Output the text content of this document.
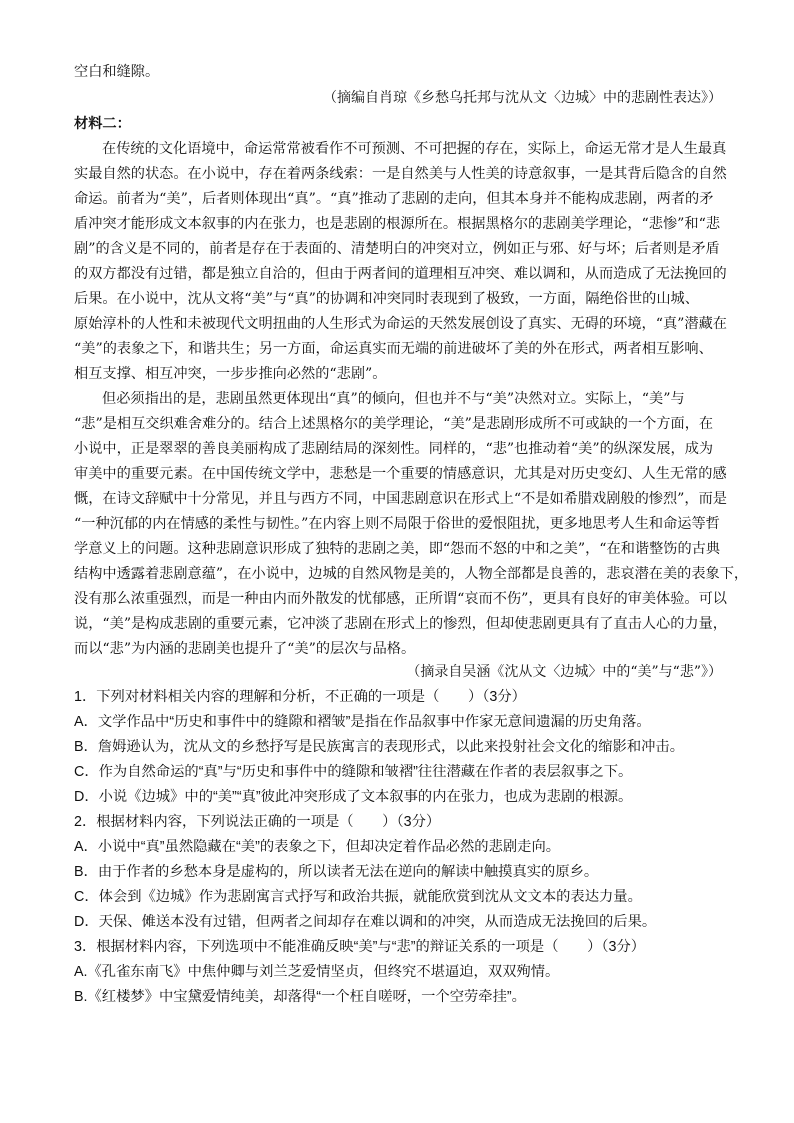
空白和缝隙。
（摘编自肖琼《乡愁乌托邦与沈从文〈边城〉中的悲剧性表达》）
材料二：
在传统的文化语境中，命运常常被看作不可预测、不可把握的存在，实际上，命运无常才是人生最真
实最自然的状态。在小说中，存在着两条线索：一是自然美与人性美的诗意叙事，一是其背后隐含的自然
命运。前者为“美”，后者则体现出“真”。“真”推动了悲剧的走向，但其本身并不能构成悲剧，两者的矛
盾冲突才能形成文本叙事的内在张力，也是悲剧的根源所在。根据黑格尔的悲剧美学理论，“悲惨”和“悲
剧”的含义是不同的，前者是存在于表面的、清楚明白的冲突对立，例如正与邪、好与坏；后者则是矛盾
的双方都没有过错，都是独立自洽的，但由于两者间的道理相互冲突、难以调和，从而造成了无法挽回的
后果。在小说中，沈从文将“美”与“真”的协调和冲突同时表现到了极致，一方面，隔绝俗世的山城、
原始淳朴的人性和未被现代文明扭曲的人生形式为命运的天然发展创设了真实、无碍的环境，“真”潜藏在
“美”的表象之下，和谐共生；另一方面，命运真实而无端的前进破坏了美的外在形式，两者相互影响、
相互支撑、相互冲突，一步步推向必然的“悲剧”。
但必须指出的是，悲剧虽然更体现出“真”的倾向，但也并不与“美”决然对立。实际上，“美”与
“悲”是相互交织难舍难分的。结合上述黑格尔的美学理论，“美”是悲剧形成所不可或缺的一个方面，在
小说中，正是翠翠的善良美丽构成了悲剧结局的深刻性。同样的，“悲”也推动着“美”的纵深发展，成为
审美中的重要元素。在中国传统文学中，悲愁是一个重要的情感意识，尤其是对历史变幻、人生无常的感
慨，在诗文辞赋中十分常见，并且与西方不同，中国悲剧意识在形式上“不是如希腊戏剧般的惨烈”，而是
“一种沉郁的内在情感的柔性与韧性。”在内容上则不局限于俗世的爱恨阻扰，更多地思考人生和命运等哲
学意义上的问题。这种悲剧意识形成了独特的悲剧之美，即“怨而不怒的中和之美”，“在和谐整饬的古典
结构中透露着悲剧意蕴”，在小说中，边城的自然风物是美的，人物全部都是良善的，悲哀潜在美的表象下，
没有那么浓重强烈，而是一种由内而外散发的忧郁感，正所谓“哀而不伤”，更具有良好的审美体验。可以
说，“美”是构成悲剧的重要元素，它冲淡了悲剧在形式上的惨烈，但却使悲剧更具有了直击人心的力量，
而以“悲”为内涵的悲剧美也提升了“美”的层次与品格。
（摘录自吴涵《沈从文〈边城〉中的“美”与“悲”》）
1．下列对材料相关内容的理解和分析，不正确的一项是（　　）（3分）
A．文学作品中“历史和事件中的缝隙和褶皱”是指在作品叙事中作家无意间遗漏的历史角落。
B．詹姆逊认为，沈从文的乡愁抒写是民族寓言的表现形式，以此来投射社会文化的缩影和冲击。
C．作为自然命运的“真”与“历史和事件中的缝隙和皱褶”往往潜藏在作者的表层叙事之下。
D．小说《边城》中的“美”“真”彼此冲突形成了文本叙事的内在张力，也成为悲剧的根源。
2．根据材料内容，下列说法正确的一项是（　　）（3分）
A．小说中“真”虽然隐藏在“美”的表象之下，但却决定着作品必然的悲剧走向。
B．由于作者的乡愁本身是虚构的，所以读者无法在逆向的解读中触摸真实的原乡。
C．体会到《边城》作为悲剧寓言式抒写和政治共振，就能欣赏到沈从文文本的表达力量。
D．天保、傩送本没有过错，但两者之间却存在难以调和的冲突，从而造成无法挽回的后果。
3．根据材料内容，下列选项中不能准确反映“美”与“悲”的辩证关系的一项是（　　）（3分）
A.《孔雀东南飞》中焦仲卿与刘兰芝爱情坚贞，但终究不堪逼迫，双双殉情。
B.《红楼梦》中宝黛爱情纯美，却落得“一个枉自嗟呀，一个空劳牵挂”。
